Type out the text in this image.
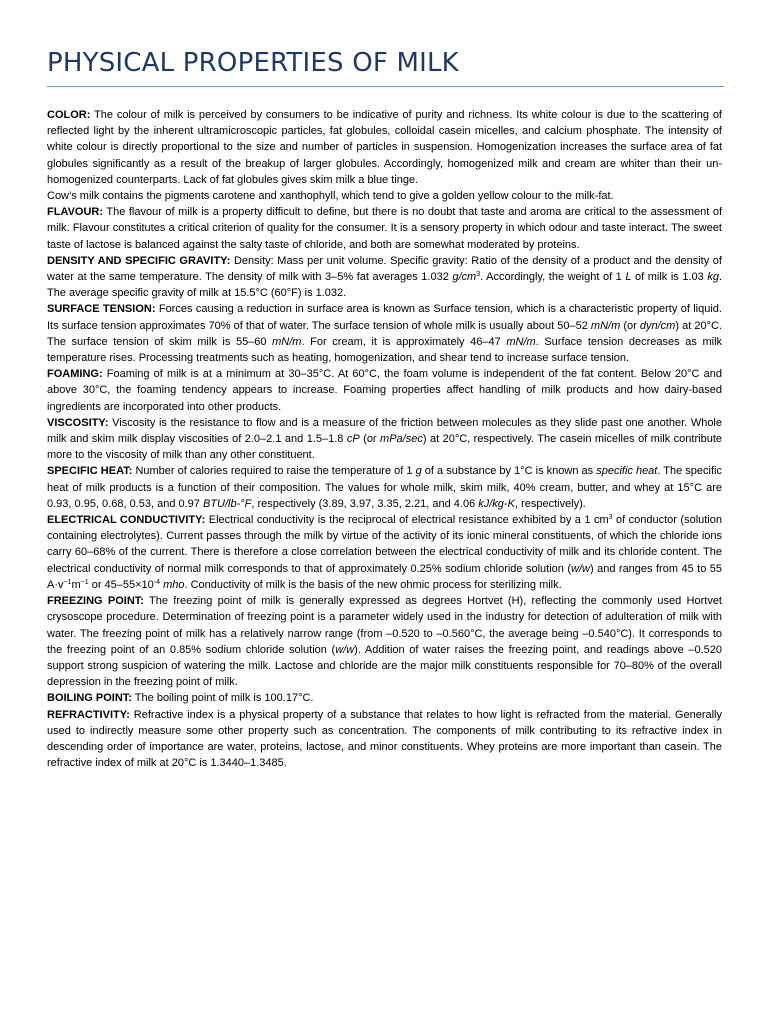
PHYSICAL PROPERTIES OF MILK

COLOR: The colour of milk is perceived by consumers to be indicative of purity and richness. Its white colour is due to the scattering of reflected light by the inherent ultramicroscopic particles, fat globules, colloidal casein micelles, and calcium phosphate. The intensity of white colour is directly proportional to the size and number of particles in suspension. Homogenization increases the surface area of fat globules significantly as a result of the breakup of larger globules. Accordingly, homogenized milk and cream are whiter than their un-homogenized counterparts. Lack of fat globules gives skim milk a blue tinge.

Cow’s milk contains the pigments carotene and xanthophyll, which tend to give a golden yellow colour to the milk-fat.

FLAVOUR: The flavour of milk is a property difficult to define, but there is no doubt that taste and aroma are critical to the assessment of milk. Flavour constitutes a critical criterion of quality for the consumer. It is a sensory property in which odour and taste interact. The sweet taste of lactose is balanced against the salty taste of chloride, and both are somewhat moderated by proteins.

DENSITY AND SPECIFIC GRAVITY: Density: Mass per unit volume. Specific gravity: Ratio of the density of a product and the density of water at the same temperature. The density of milk with 3–5% fat averages 1.032 $g/cm^3$. Accordingly, the weight of 1 L of milk is 1.03 kg. The average specific gravity of milk at 15.5°C (60°F) is 1.032.

SURFACE TENSION: Forces causing a reduction in surface area is known as Surface tension, which is a characteristic property of liquid. Its surface tension approximates 70% of that of water. The surface tension of whole milk is usually about 50–52 mN/m (or dyn/cm) at 20°C. The surface tension of skim milk is 55–60 mN/m. For cream, it is approximately 46–47 mN/m. Surface tension decreases as milk temperature rises. Processing treatments such as heating, homogenization, and shear tend to increase surface tension.

FOAMING: Foaming of milk is at a minimum at 30–35°C. At 60°C, the foam volume is independent of the fat content. Below 20°C and above 30°C, the foaming tendency appears to increase. Foaming properties affect handling of milk products and how dairy-based ingredients are incorporated into other products.

VISCOSITY: Viscosity is the resistance to flow and is a measure of the friction between molecules as they slide past one another. Whole milk and skim milk display viscosities of 2.0–2.1 and 1.5–1.8 cP (or mPa/sec) at 20°C, respectively. The casein micelles of milk contribute more to the viscosity of milk than any other constituent.

SPECIFIC HEAT: Number of calories required to raise the temperature of 1 g of a substance by 1°C is known as specific heat. The specific heat of milk products is a function of their composition. The values for whole milk, skim milk, 40% cream, butter, and whey at 15°C are 0.93, 0.95, 0.68, 0.53, and 0.97 BTU/lb-°F, respectively (3.89, 3.97, 3.35, 2.21, and 4.06 kJ/kg-K, respectively).

ELECTRICAL CONDUCTIVITY: Electrical conductivity is the reciprocal of electrical resistance exhibited by a 1 $cm^3$ of conductor (solution containing electrolytes). Current passes through the milk by virtue of the activity of its ionic mineral constituents, of which the chloride ions carry 60–68% of the current. There is therefore a close correlation between the electrical conductivity of milk and its chloride content. The electrical conductivity of normal milk corresponds to that of approximately 0.25% sodium chloride solution (w/w) and ranges from 45 to 55 $A\cdot v^{-1}m^{-1}$ or $45-55\times 10^{-4}$ mho. Conductivity of milk is the basis of the new ohmic process for sterilizing milk.

FREEZING POINT: The freezing point of milk is generally expressed as degrees Hortvet (H), reflecting the commonly used Hortvet crysoscope procedure. Determination of freezing point is a parameter widely used in the industry for detection of adulteration of milk with water. The freezing point of milk has a relatively narrow range (from –0.520 to –0.560°C, the average being –0.540°C). It corresponds to the freezing point of an 0.85% sodium chloride solution (w/w). Addition of water raises the freezing point, and readings above –0.520 support strong suspicion of watering the milk. Lactose and chloride are the major milk constituents responsible for 70–80% of the overall depression in the freezing point of milk.

BOILING POINT: The boiling point of milk is 100.17°C.

REFRACTIVITY: Refractive index is a physical property of a substance that relates to how light is refracted from the material. Generally used to indirectly measure some other property such as concentration. The components of milk contributing to its refractive index in descending order of importance are water, proteins, lactose, and minor constituents. Whey proteins are more important than casein. The refractive index of milk at 20°C is 1.3440–1.3485.
